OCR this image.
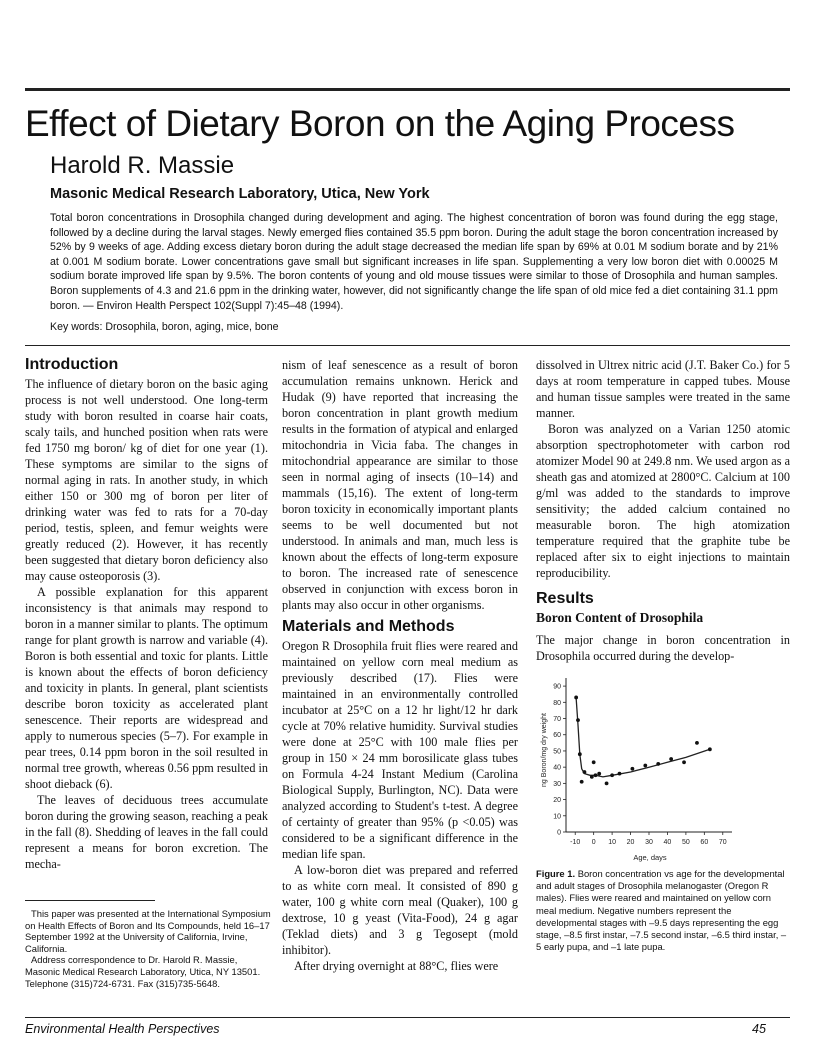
Effect of Dietary Boron on the Aging Process
Harold R. Massie
Masonic Medical Research Laboratory, Utica, New York
Total boron concentrations in Drosophila changed during development and aging. The highest concentration of boron was found during the egg stage, followed by a decline during the larval stages. Newly emerged flies contained 35.5 ppm boron. During the adult stage the boron concentration increased by 52% by 9 weeks of age. Adding excess dietary boron during the adult stage decreased the median life span by 69% at 0.01 M sodium borate and by 21% at 0.001 M sodium borate. Lower concentrations gave small but significant increases in life span. Supplementing a very low boron diet with 0.00025 M sodium borate improved life span by 9.5%. The boron contents of young and old mouse tissues were similar to those of Drosophila and human samples. Boron supplements of 4.3 and 21.6 ppm in the drinking water, however, did not significantly change the life span of old mice fed a diet containing 31.1 ppm boron. — Environ Health Perspect 102(Suppl 7):45–48 (1994).
Key words: Drosophila, boron, aging, mice, bone
Introduction

The influence of dietary boron on the basic aging process is not well understood. One long-term study with boron resulted in coarse hair coats, scaly tails, and hunched position when rats were fed 1750 mg boron/ kg of diet for one year (1). These symptoms are similar to the signs of normal aging in rats. In another study, in which either 150 or 300 mg of boron per liter of drinking water was fed to rats for a 70-day period, testis, spleen, and femur weights were greatly reduced (2). However, it has recently been suggested that dietary boron deficiency also may cause osteoporosis (3).

A possible explanation for this apparent inconsistency is that animals may respond to boron in a manner similar to plants. The optimum range for plant growth is narrow and variable (4). Boron is both essential and toxic for plants. Little is known about the effects of boron deficiency and toxicity in plants. In general, plant scientists describe boron toxicity as accelerated plant senescence. Their reports are widespread and apply to numerous species (5–7). For example in pear trees, 0.14 ppm boron in the soil resulted in normal tree growth, whereas 0.56 ppm resulted in shoot dieback (6).

The leaves of deciduous trees accumulate boron during the growing season, reaching a peak in the fall (8). Shedding of leaves in the fall could represent a means for boron excretion. The mecha-

nism of leaf senescence as a result of boron accumulation remains unknown. Herick and Hudak (9) have reported that increasing the boron concentration in plant growth medium results in the formation of atypical and enlarged mitochondria in Vicia faba. The changes in mitochondrial appearance are similar to those seen in normal aging of insects (10–14) and mammals (15,16). The extent of long-term boron toxicity in economically important plants seems to be well documented but not understood. In animals and man, much less is known about the effects of long-term exposure to boron. The increased rate of senescence observed in conjunction with excess boron in plants may also occur in other organisms.

Materials and Methods

Oregon R Drosophila fruit flies were reared and maintained on yellow corn meal medium as previously described (17). Flies were maintained in an environmentally controlled incubator at 25°C on a 12 hr light/12 hr dark cycle at 70% relative humidity. Survival studies were done at 25°C with 100 male flies per group in 150 × 24 mm borosilicate glass tubes on Formula 4-24 Instant Medium (Carolina Biological Supply, Burlington, NC). Data were analyzed according to Student's t-test. A degree of certainty of greater than 95% (p <0.05) was considered to be a significant difference in the median life span.

A low-boron diet was prepared and referred to as white corn meal. It consisted of 890 g water, 100 g white corn meal (Quaker), 100 g dextrose, 10 g yeast (Vita-Food), 24 g agar (Teklad diets) and 3 g Tegosept (mold inhibitor).

After drying overnight at 88°C, flies were

dissolved in Ultrex nitric acid (J.T. Baker Co.) for 5 days at room temperature in capped tubes. Mouse and human tissue samples were treated in the same manner.

Boron was analyzed on a Varian 1250 atomic absorption spectrophotometer with carbon rod atomizer Model 90 at 249.8 nm. We used argon as a sheath gas and atomized at 2800°C. Calcium at 100 g/ml was added to the standards to improve sensitivity; the added calcium contained no measurable boron. The high atomization temperature required that the graphite tube be replaced after six to eight injections to maintain reproducibility.

Results
Boron Content of Drosophila

The major change in boron concentration in Drosophila occurred during the develop-

0
10
20
30
40
50
60
70
80
90
-10 0 10 20 30 40 50 60 70
ng Boron/mg dry weight
Age, days
Figure 1. Boron concentration vs age for the developmental and adult stages of Drosophila melanogaster (Oregon R males). Flies were reared and maintained on yellow corn meal medium. Negative numbers represent the developmental stages with –9.5 days representing the egg stage, –8.5 first instar, –7.5 second instar, –6.5 third instar, –5 early pupa, and –1 late pupa.

This paper was presented at the International Symposium on Health Effects of Boron and Its Compounds, held 16–17 September 1992 at the University of California, Irvine, California.

Address correspondence to Dr. Harold R. Massie, Masonic Medical Research Laboratory, Utica, NY 13501. Telephone (315)724-6731. Fax (315)735-5648.

Environmental Health Perspectives	45
